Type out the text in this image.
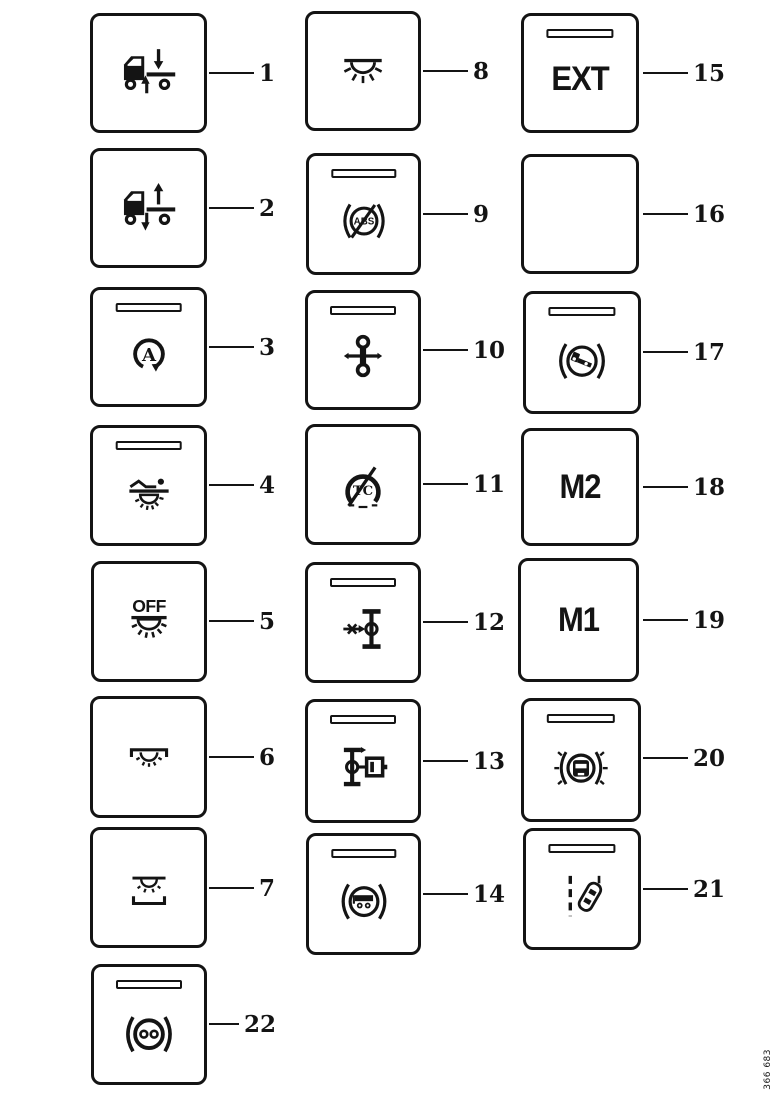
1
2
A	3
4
OFF
5
6
7
22
8
ABS	9
10
TC	11
12
13
14
EXT	15
16
17
M2	18
M1	19
20
21
366 683
